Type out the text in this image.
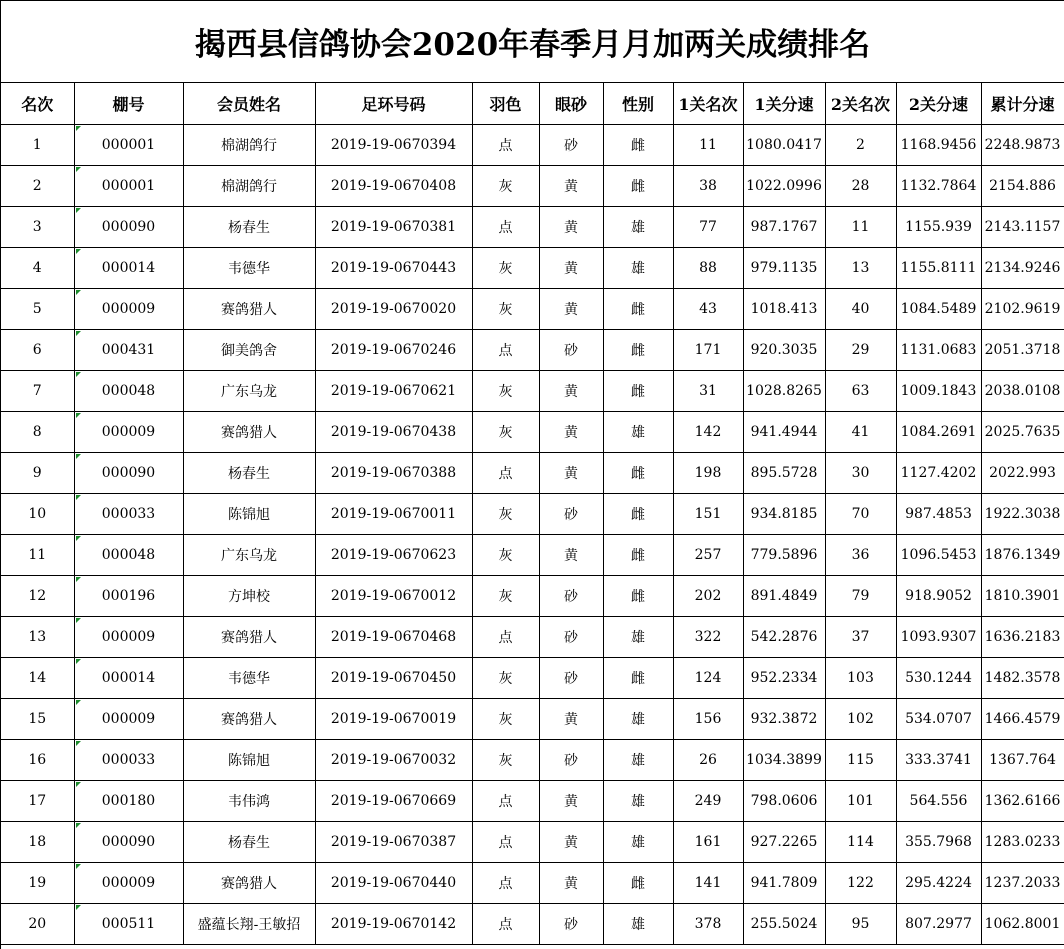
揭西县信鸽协会2020年春季月月加两关成绩排名
名次	棚号	会员姓名	足环号码	羽色	眼砂	性别	1关名次	1关分速	2关名次	2关分速	累计分速
1	000001	棉湖鸽行	2019-19-0670394	点	砂	雌	11	1080.0417	2	1168.9456	2248.9873
2	000001	棉湖鸽行	2019-19-0670408	灰	黄	雌	38	1022.0996	28	1132.7864	2154.886
3	000090	杨春生	2019-19-0670381	点	黄	雄	77	987.1767	11	1155.939	2143.1157
4	000014	韦德华	2019-19-0670443	灰	黄	雄	88	979.1135	13	1155.8111	2134.9246
5	000009	赛鸽猎人	2019-19-0670020	灰	黄	雌	43	1018.413	40	1084.5489	2102.9619
6	000431	御美鸽舍	2019-19-0670246	点	砂	雌	171	920.3035	29	1131.0683	2051.3718
7	000048	广东乌龙	2019-19-0670621	灰	黄	雌	31	1028.8265	63	1009.1843	2038.0108
8	000009	赛鸽猎人	2019-19-0670438	灰	黄	雄	142	941.4944	41	1084.2691	2025.7635
9	000090	杨春生	2019-19-0670388	点	黄	雌	198	895.5728	30	1127.4202	2022.993
10	000033	陈锦旭	2019-19-0670011	灰	砂	雌	151	934.8185	70	987.4853	1922.3038
11	000048	广东乌龙	2019-19-0670623	灰	黄	雌	257	779.5896	36	1096.5453	1876.1349
12	000196	方坤校	2019-19-0670012	灰	砂	雌	202	891.4849	79	918.9052	1810.3901
13	000009	赛鸽猎人	2019-19-0670468	点	砂	雄	322	542.2876	37	1093.9307	1636.2183
14	000014	韦德华	2019-19-0670450	灰	砂	雌	124	952.2334	103	530.1244	1482.3578
15	000009	赛鸽猎人	2019-19-0670019	灰	黄	雄	156	932.3872	102	534.0707	1466.4579
16	000033	陈锦旭	2019-19-0670032	灰	砂	雄	26	1034.3899	115	333.3741	1367.764
17	000180	韦伟鸿	2019-19-0670669	点	黄	雄	249	798.0606	101	564.556	1362.6166
18	000090	杨春生	2019-19-0670387	点	黄	雄	161	927.2265	114	355.7968	1283.0233
19	000009	赛鸽猎人	2019-19-0670440	点	黄	雌	141	941.7809	122	295.4224	1237.2033
20	000511	盛蕴长翔-王敏招	2019-19-0670142	点	砂	雄	378	255.5024	95	807.2977	1062.8001
